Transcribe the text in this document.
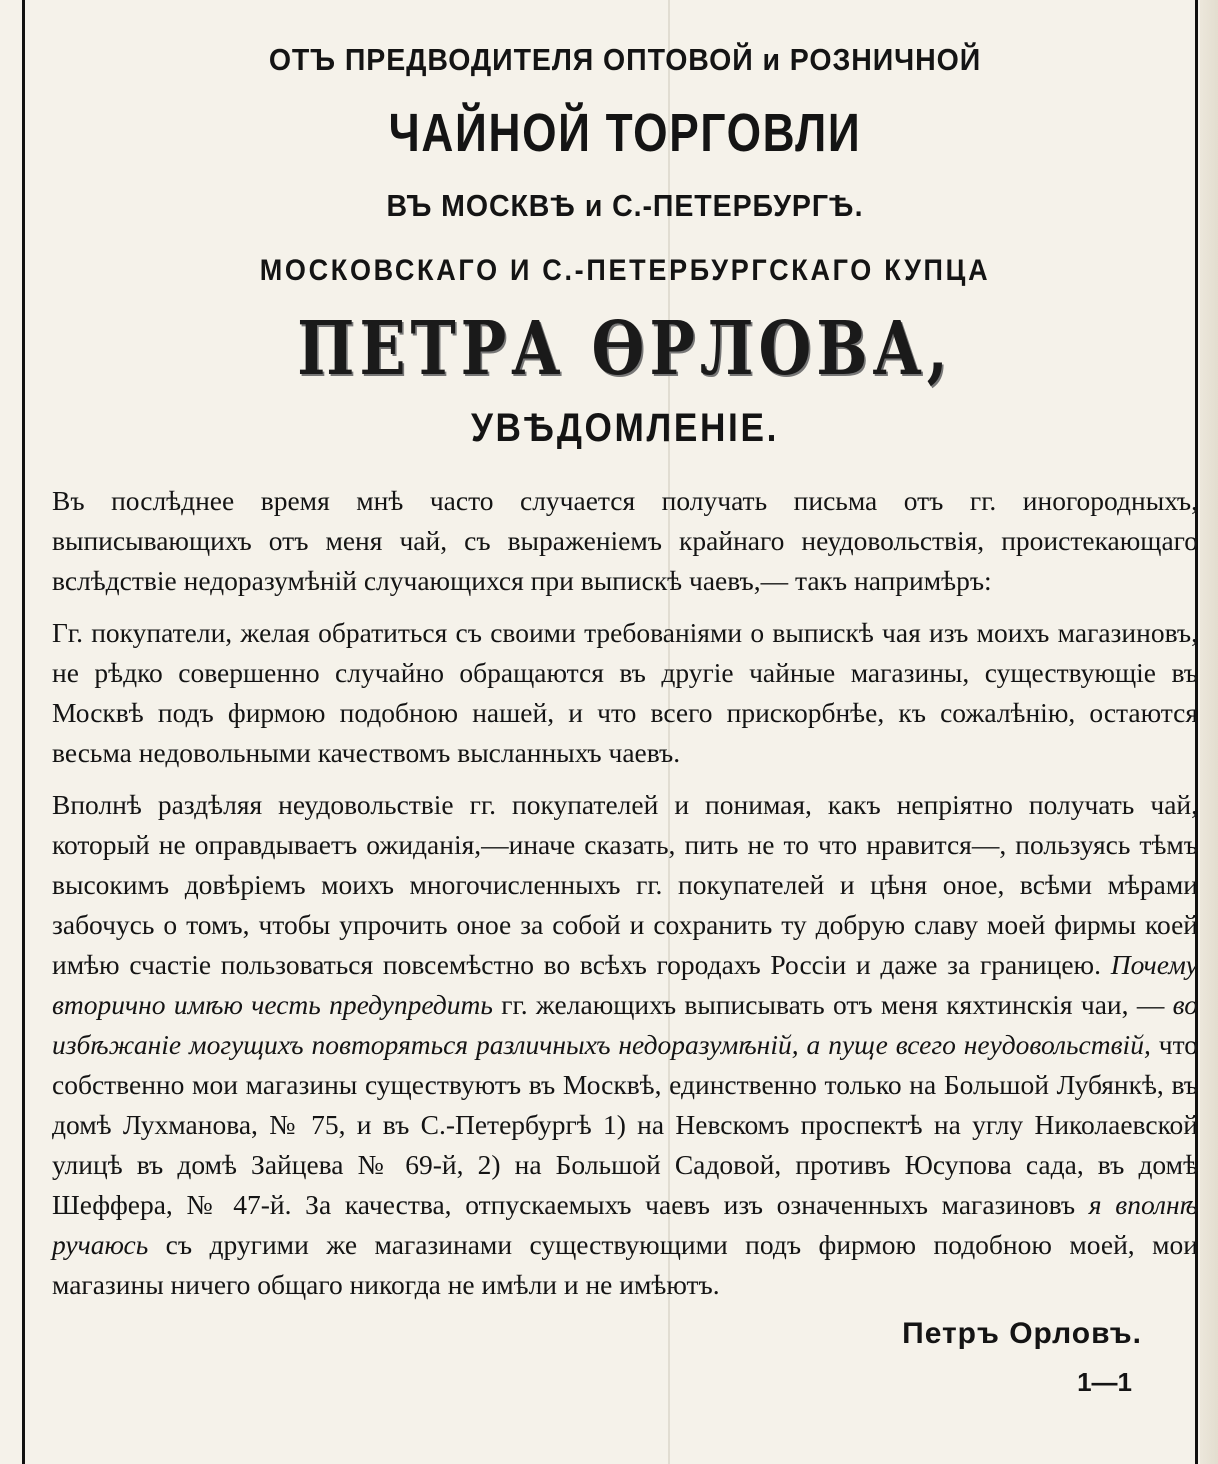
ОТЪ ПРЕДВОДИТЕЛЯ ОПТОВОЙ и РОЗНИЧНОЙ
ЧАЙНОЙ ТОРГОВЛИ
ВЪ МОСКВѢ и С.-ПЕТЕРБУРГѢ.
МОСКОВСКАГО И С.-ПЕТЕРБУРГСКАГО КУПЦА
ПЕТРА ѲРЛОВА,
УВѢДОМЛЕНІЕ.

Въ послѣднее время мнѣ часто случается получать письма отъ гг. иногородныхъ, выписывающихъ отъ меня чай, съ выраженіемъ крайнаго неудовольствія, проистекающаго вслѣдствіе недоразумѣній случающихся при выпискѣ чаевъ,— такъ напримѣръ:

Гг. покупатели, желая обратиться съ своими требованіями о выпискѣ чая изъ моихъ магазиновъ, не рѣдко совершенно случайно обращаются въ другіе чайные магазины, существующіе въ Москвѣ подъ фирмою подобною нашей, и что всего прискорбнѣе, къ сожалѣнію, остаются весьма недовольными качествомъ высланныхъ чаевъ.

Вполнѣ раздѣляя неудовольствіе гг. покупателей и понимая, какъ непріятно получать чай, который не оправдываетъ ожиданія,—иначе сказать, пить не то что нравится—, пользуясь тѣмъ высокимъ довѣріемъ моихъ многочисленныхъ гг. покупателей и цѣня оное, всѣми мѣрами забочусь о томъ, чтобы упрочить оное за собой и сохранить ту добрую славу моей фирмы коей имѣю счастіе пользоваться повсемѣстно во всѣхъ городахъ Россіи и даже за границею. Почему вторично имѣю честь предупредить гг. желающихъ выписывать отъ меня кяхтинскія чаи, — во избѣжаніе могущихъ повторяться различныхъ недоразумѣній, а пуще всего неудовольствій, что собственно мои магазины существуютъ въ Москвѣ, единственно только на Большой Лубянкѣ, въ домѣ Лухманова, № 75, и въ С.-Петербургѣ 1) на Невскомъ проспектѣ на углу Николаевской улицѣ въ домѣ Зайцева № 69-й, 2) на Большой Садовой, противъ Юсупова сада, въ домѣ Шеффера, № 47-й. За качества, отпускаемыхъ чаевъ изъ означенныхъ магазиновъ я вполнѣ ручаюсь съ другими же магазинами существующими подъ фирмою подобною моей, мои магазины ничего общаго никогда не имѣли и не имѣютъ.

Петръ Орловъ.
1—1
